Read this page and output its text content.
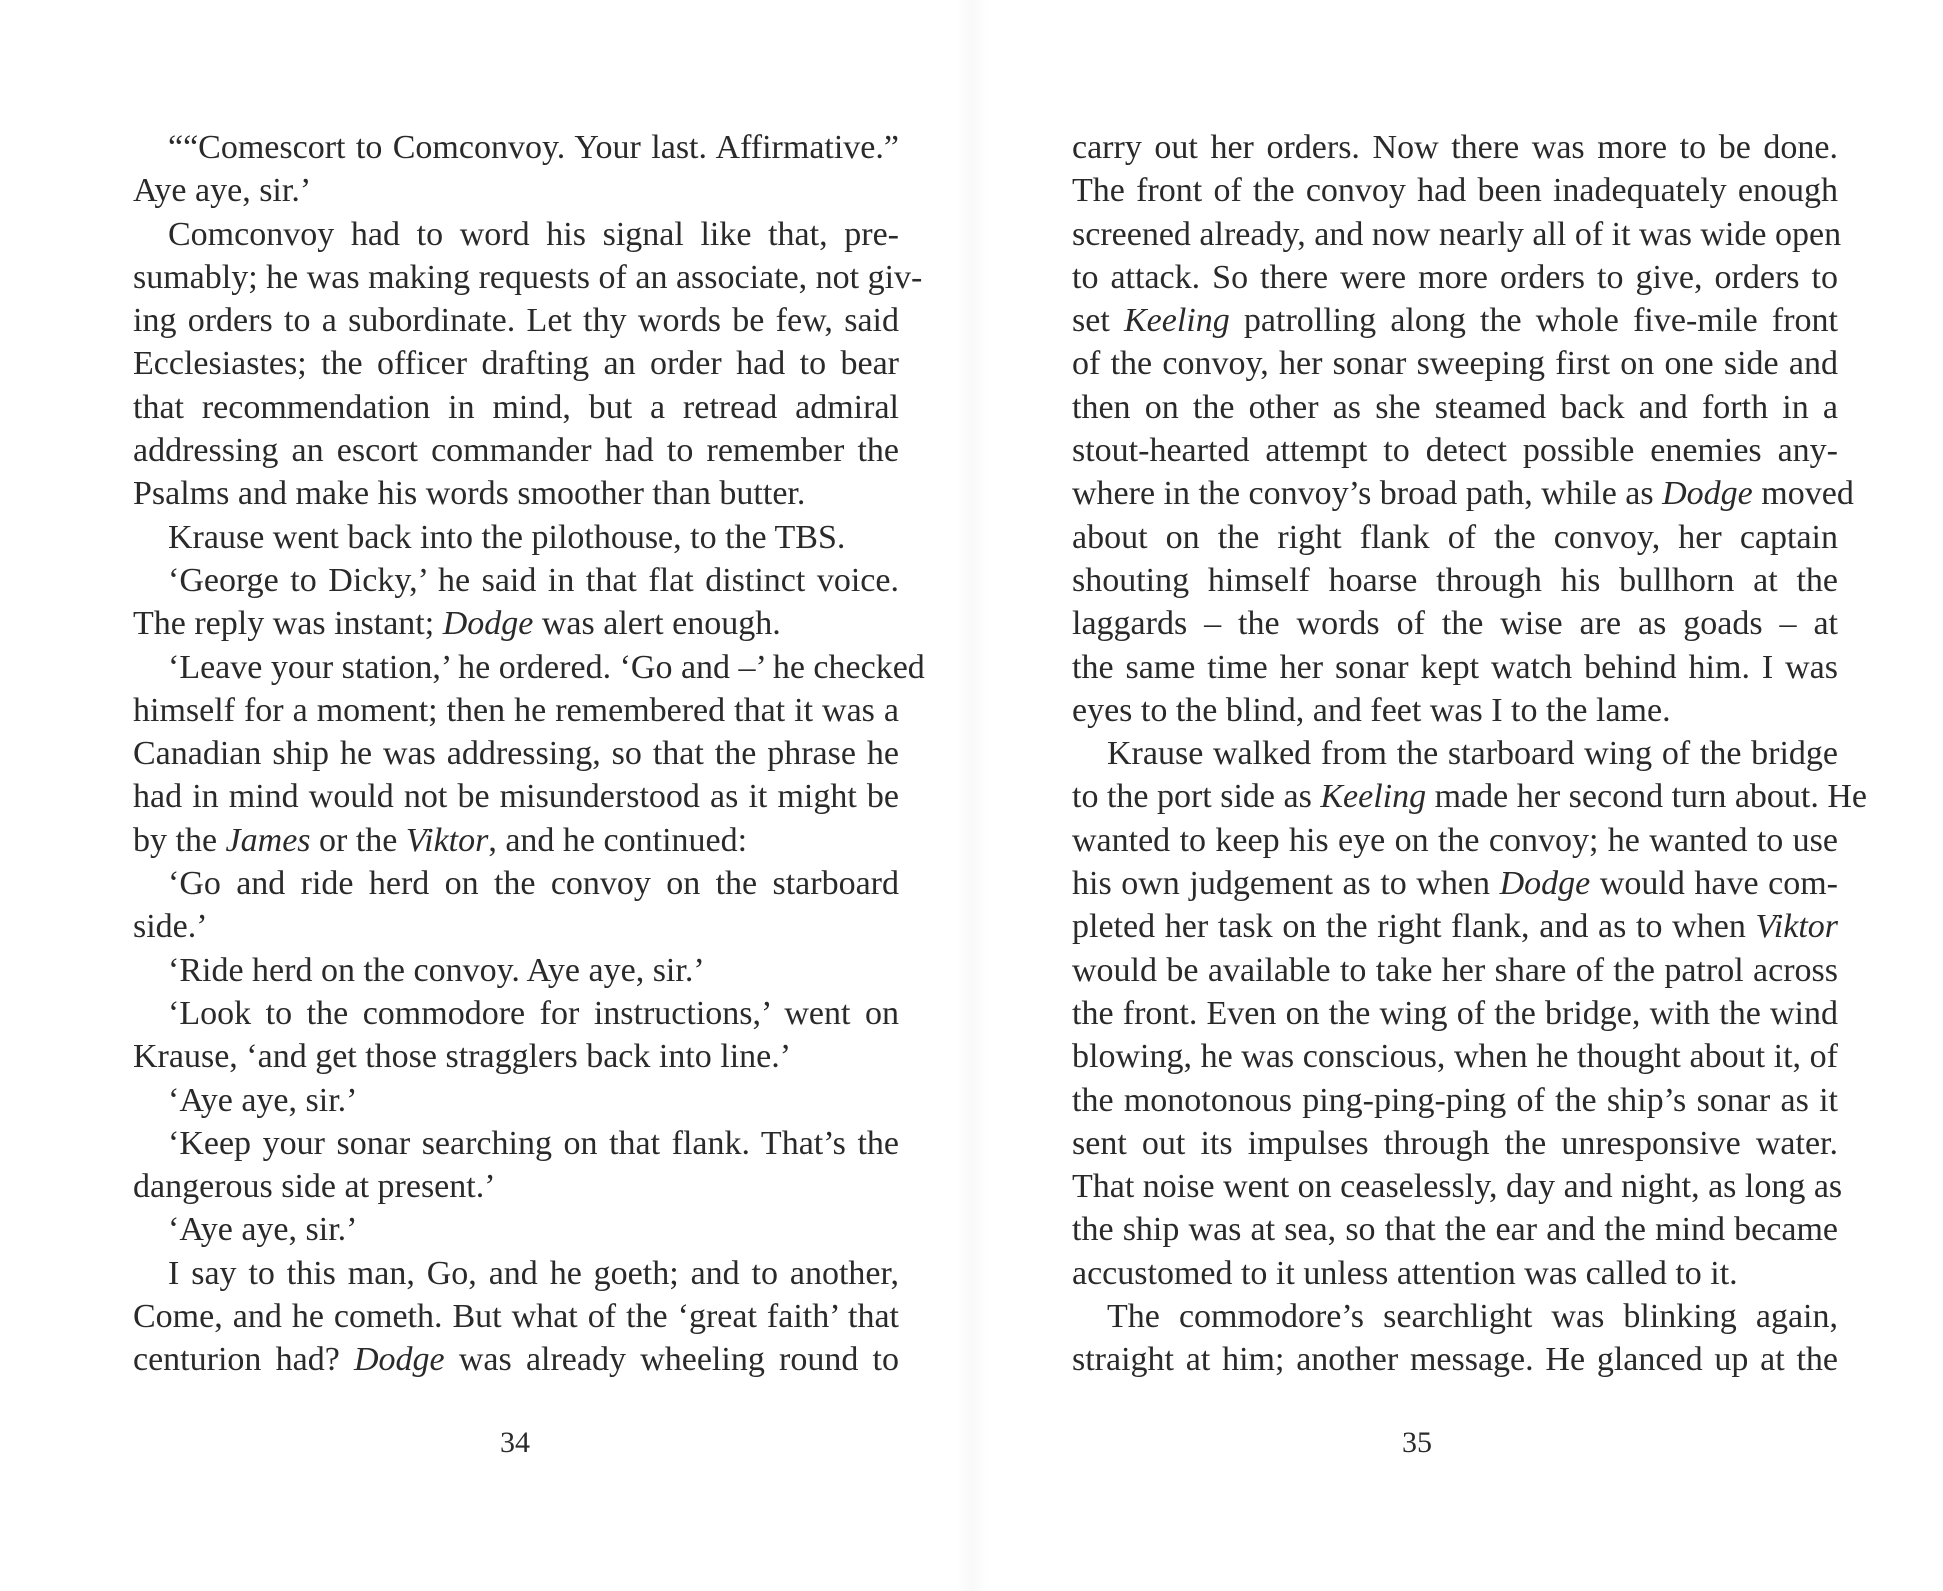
““Comescort to Comconvoy. Your last. Affirmative.”
Aye aye, sir.’
Comconvoy had to word his signal like that, pre-
sumably; he was making requests of an associate, not giv-
ing orders to a subordinate. Let thy words be few, said
Ecclesiastes; the officer drafting an order had to bear
that recommendation in mind, but a retread admiral
addressing an escort commander had to remember the
Psalms and make his words smoother than butter.
Krause went back into the pilothouse, to the TBS.
‘George to Dicky,’ he said in that flat distinct voice.
The reply was instant; Dodge was alert enough.
‘Leave your station,’ he ordered. ‘Go and –’ he checked
himself for a moment; then he remembered that it was a
Canadian ship he was addressing, so that the phrase he
had in mind would not be misunderstood as it might be
by the James or the Viktor, and he continued:
‘Go and ride herd on the convoy on the starboard
side.’
‘Ride herd on the convoy. Aye aye, sir.’
‘Look to the commodore for instructions,’ went on
Krause, ‘and get those stragglers back into line.’
‘Aye aye, sir.’
‘Keep your sonar searching on that flank. That’s the
dangerous side at present.’
‘Aye aye, sir.’
I say to this man, Go, and he goeth; and to another,
Come, and he cometh. But what of the ‘great faith’ that
centurion had? Dodge was already wheeling round to
34
carry out her orders. Now there was more to be done.
The front of the convoy had been inadequately enough
screened already, and now nearly all of it was wide open
to attack. So there were more orders to give, orders to
set Keeling patrolling along the whole five-mile front
of the convoy, her sonar sweeping first on one side and
then on the other as she steamed back and forth in a
stout-hearted attempt to detect possible enemies any-
where in the convoy’s broad path, while as Dodge moved
about on the right flank of the convoy, her captain
shouting himself hoarse through his bullhorn at the
laggards – the words of the wise are as goads – at
the same time her sonar kept watch behind him. I was
eyes to the blind, and feet was I to the lame.
Krause walked from the starboard wing of the bridge
to the port side as Keeling made her second turn about. He
wanted to keep his eye on the convoy; he wanted to use
his own judgement as to when Dodge would have com-
pleted her task on the right flank, and as to when Viktor
would be available to take her share of the patrol across
the front. Even on the wing of the bridge, with the wind
blowing, he was conscious, when he thought about it, of
the monotonous ping-ping-ping of the ship’s sonar as it
sent out its impulses through the unresponsive water.
That noise went on ceaselessly, day and night, as long as
the ship was at sea, so that the ear and the mind became
accustomed to it unless attention was called to it.
The commodore’s searchlight was blinking again,
straight at him; another message. He glanced up at the
35
